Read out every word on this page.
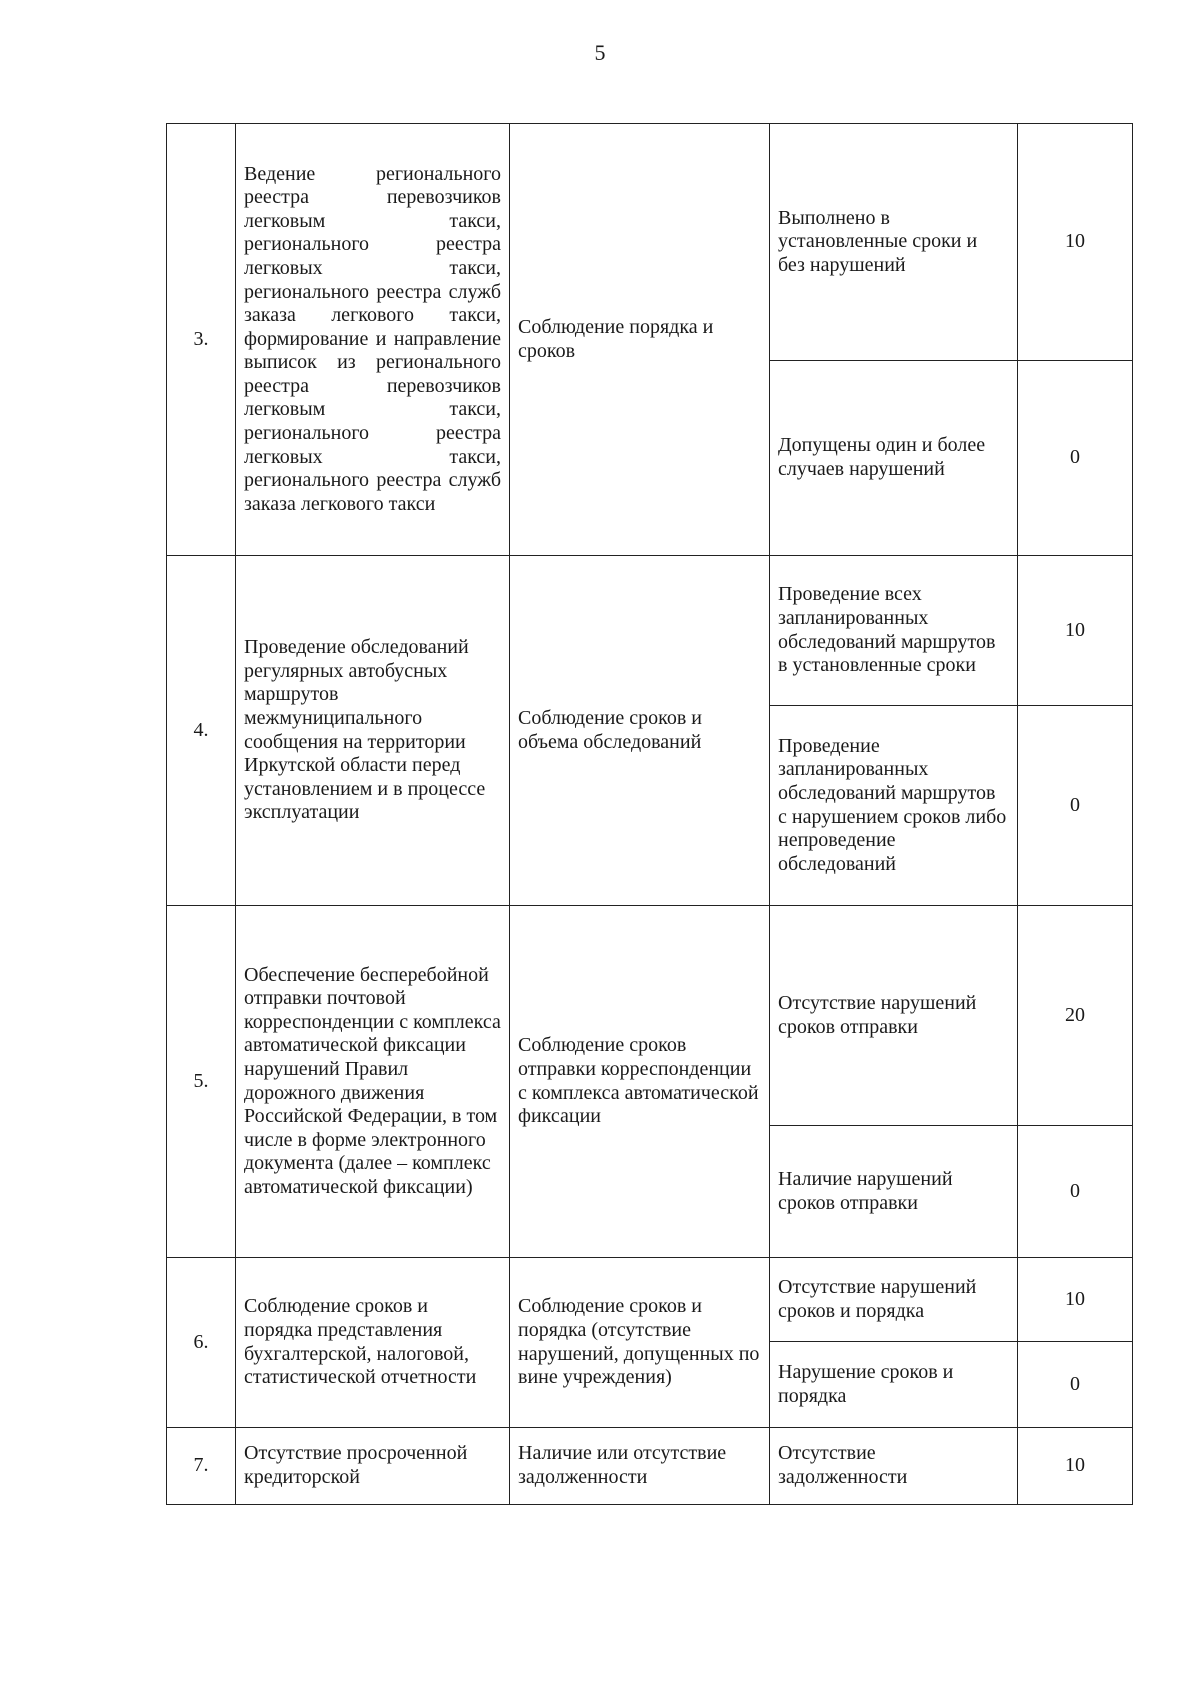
5
3.	Ведение регионального реестра перевозчиков легковым такси, регионального реестра легковых такси, регионального реестра служб заказа легкового такси, формирование и направление выписок из регионального реестра перевозчиков легковым такси, регионального реестра легковых такси, регионального реестра служб заказа легкового такси	Соблюдение порядка и сроков	Выполнено в установленные сроки и без нарушений	10
			Допущены один и более случаев нарушений	0
4.	Проведение обследований регулярных автобусных маршрутов межмуниципального сообщения на территории Иркутской области перед установлением и в процессе эксплуатации	Соблюдение сроков и объема обследований	Проведение всех запланированных обследований маршрутов в установленные сроки	10
			Проведение запланированных обследований маршрутов с нарушением сроков либо непроведение обследований	0
5.	Обеспечение бесперебойной отправки почтовой корреспонденции с комплекса автоматической фиксации нарушений Правил дорожного движения Российской Федерации, в том числе в форме электронного документа (далее – комплекс автоматической фиксации)	Соблюдение сроков отправки корреспонденции с комплекса автоматической фиксации	Отсутствие нарушений сроков отправки	20
			Наличие нарушений сроков отправки	0
6.	Соблюдение сроков и порядка представления бухгалтерской, налоговой, статистической отчетности	Соблюдение сроков и порядка (отсутствие нарушений, допущенных по вине учреждения)	Отсутствие нарушений сроков и порядка	10
			Нарушение сроков и порядка	0
7.	Отсутствие просроченной кредиторской	Наличие или отсутствие задолженности	Отсутствие задолженности	10
